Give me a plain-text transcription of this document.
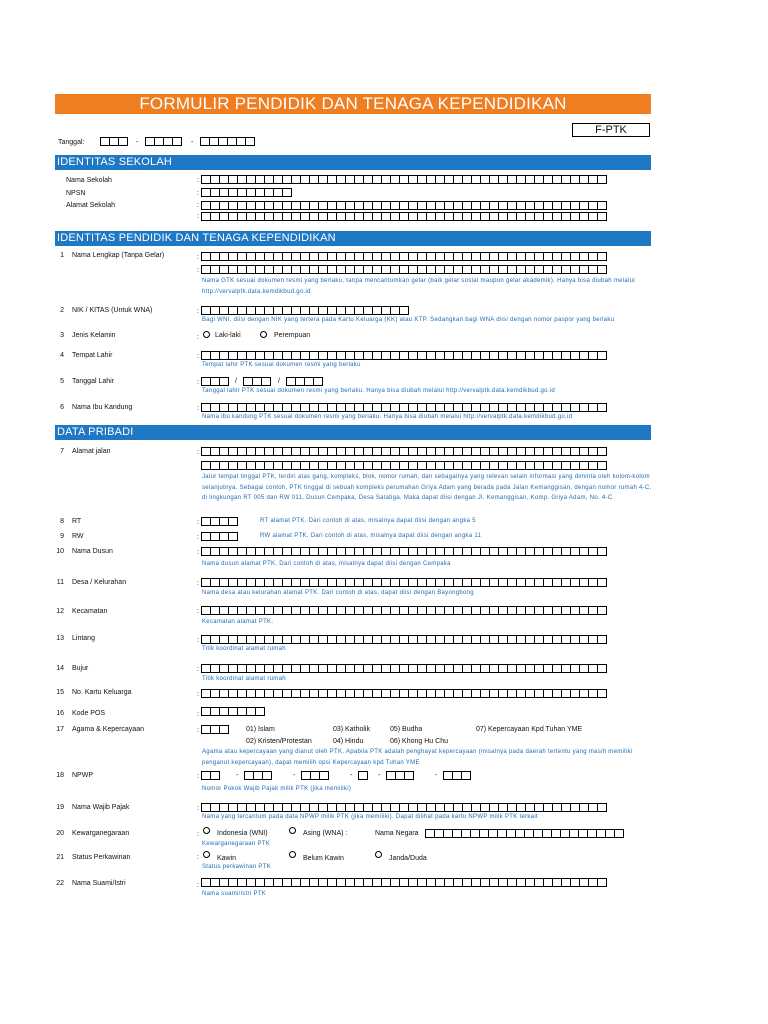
FORMULIR PENDIDIK DAN TENAGA KEPENDIDIKAN
F-PTK
Tanggal:	-	-
IDENTITAS SEKOLAH
Nama Sekolah	:
NPSN	:
Alamat Sekolah	:
:
IDENTITAS PENDIDIK DAN TENAGA KEPENDIDIKAN
1 Nama Lengkap (Tanpa Gelar)	:
:
Nama GTK sesuai dokumen resmi yang berlaku, tanpa mencantumkan gelar (baik gelar sosial maupun gelar akademik). Hanya bisa diubah melalui http://vervalptk.data.kemdikbud.go.id
2 NIK / KITAS (Untuk WNA)	:
Bagi WNI, diisi dengan NIK yang tertera pada Kartu Keluarga (KK) atau KTP. Sedangkan bagi WNA diisi dengan nomor paspor yang berlaku
3 Jenis Kelamin	: Laki-laki	Perempuan
4 Tempat Lahir	:
Tempat lahir PTK sesuai dokumen resmi yang berlaku
5 Tanggal Lahir	:	/	/
Tanggal lahir PTK sesuai dokumen resmi yang berlaku. Hanya bisa diubah melalui http://vervalptk.data.kemdikbud.go.id
6 Nama Ibu Kandung	:
Nama ibu kandung PTK sesuai dokumen resmi yang berlaku. Hanya bisa diubah melalui http://vervalptk.data.kemdikbud.go.id
DATA PRIBADI
7 Alamat jalan	:
Jalur tempat tinggal PTK, terdiri atas gang, kompleks, blok, nomor rumah, dan sebagainya yang relevan selain informasi yang diminta oleh kolom-kolom selanjutnya. Sebagai contoh, PTK tinggal di sebuah kompleks perumahan Griya Adam yang berada pada Jalan Kemanggisan, dengan nomor rumah 4-C, di lingkungan RT 005 dan RW 011, Dusun Cempaka, Desa Salatiga. Maka dapat diisi dengan Jl. Kemanggisan, Komp. Griya Adam, No. 4-C
8 RT	:	RT alamat PTK. Dari contoh di atas, misalnya dapat diisi dengan angka 5
9 RW	:	RW alamat PTK. Dari contoh di atas, misalnya dapat diisi dengan angka 11
10 Nama Dusun	:
Nama dusun alamat PTK. Dari contoh di atas, misalnya dapat diisi dengan Cempaka
11 Desa / Kelurahan	:
Nama desa atau kelurahan alamat PTK. Dari contoh di atas, dapat diisi dengan Bayongbong
12 Kecamatan	:
Kecamatan alamat PTK.
13 Lintang	:
Titik koordinat alamat rumah
14 Bujur	:
Titik koordinat alamat rumah
15 No. Kartu Keluarga	:
16 Kode POS	:
17 Agama & Kepercayaan	:	01) Islam
02) Kristen/Protestan
03) Katholik
04) Hindu
05) Budha
06) Khong Hu Chu
07) Kepercayaan Kpd Tuhan YME
Agama atau kepercayaan yang dianut oleh PTK. Apabila PTK adalah penghayat kepercayaan (misalnya pada daerah tertentu yang masih memiliki penganut kepercayaan), dapat memilih opsi Kepercayaan kpd Tuhan YME
18 NPWP	:	-	-	-	-	-
Nomor Pokok Wajib Pajak milik PTK (jika memiliki)
19 Nama Wajib Pajak	:
Nama yang tercantum pada data NPWP milik PTK (jika memiliki). Dapat dilihat pada kartu NPWP milik PTK terkait
20 Kewarganegaraan	:	Indonesia (WNI)	Asing (WNA) :	Nama Negara
Kewarganegaraan PTK
21 Status Perkawinan	:	Kawin	Belum Kawin	Janda/Duda
Status perkawinan PTK
22 Nama Suami/Istri	:
Nama suami/istri PTK
